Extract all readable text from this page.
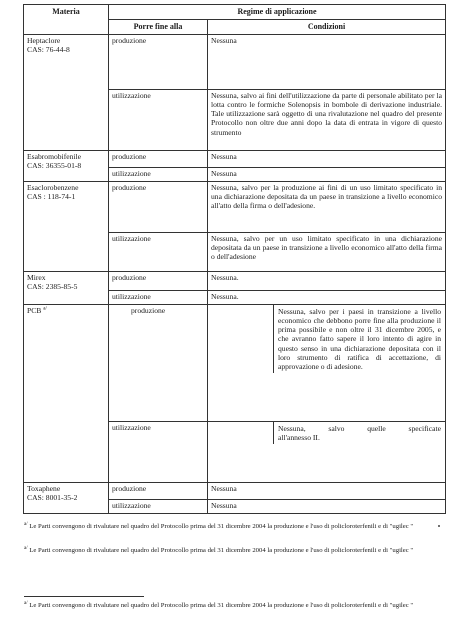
Materia	Regime di applicazione	
	Porre fine alla	Condizioni

Heptaclore
CAS: 76-44-8	produzione	Nessuna
	utilizzazione	Nessuna, salvo ai fini dell'utilizzazione da parte di personale abilitato per la lotta contro le formiche Solenopsis in bombole di derivazione industriale. Tale utilizzazione sarà oggetto di una rivalutazione nel quadro del presente Protocollo non oltre due anni dopo la data di entrata in vigore di questo strumento

Esabromobifenile
CAS: 36355-01-8	produzione	Nessuna
	utilizzazione	Nessuna

Esaclorobenzene
CAS : 118-74-1	produzione	Nessuna, salvo per la produzione ai fini di un uso limitato specificato in una dichiarazione depositata da un paese in transizione a livello economico all'atto della firma o dell'adesione.
	utilizzazione	Nessuna, salvo per un uso limitato specificato in una dichiarazione depositata da un paese in transizione a livello economico all'atto della firma o dell'adesione

Mirex
CAS: 2385-85-5	produzione	Nessuna.
	utilizzazione	Nessuna.
PCB $^{a/}$	produzione	Nessuna, salvo per i paesi in transizione a livello economico che debbono porre fine alla produzione il prima possibile e non oltre il 31 dicembre 2005, e che avranno fatto sapere il loro intento di agire in questo senso in una dichiarazione depositata con il loro strumento di ratifica di accettazione, di approvazione o di adesione.

	utilizzazione	Nessuna,          salvo          quelle          specificate all'annesso II.

Toxaphene
CAS: 8001-35-2	produzione	Nessuna
	utilizzazione	Nessuna
$^{a/}$ Le Parti convengono di rivalutare nel quadro del Protocollo prima del 31 dicembre 2004 la produzione e l'uso di policloroterfenili e di "ugilec "
$^{a/}$ Le Parti convengono di rivalutare nel quadro del Protocollo prima del 31 dicembre 2004 la produzione e l'uso di policloroterfenili e di "ugilec "
$^{a/}$ Le Parti convengono di rivalutare nel quadro del Protocollo prima del 31 dicembre 2004 la produzione e l'uso di policloroterfenili e di "ugilec "
